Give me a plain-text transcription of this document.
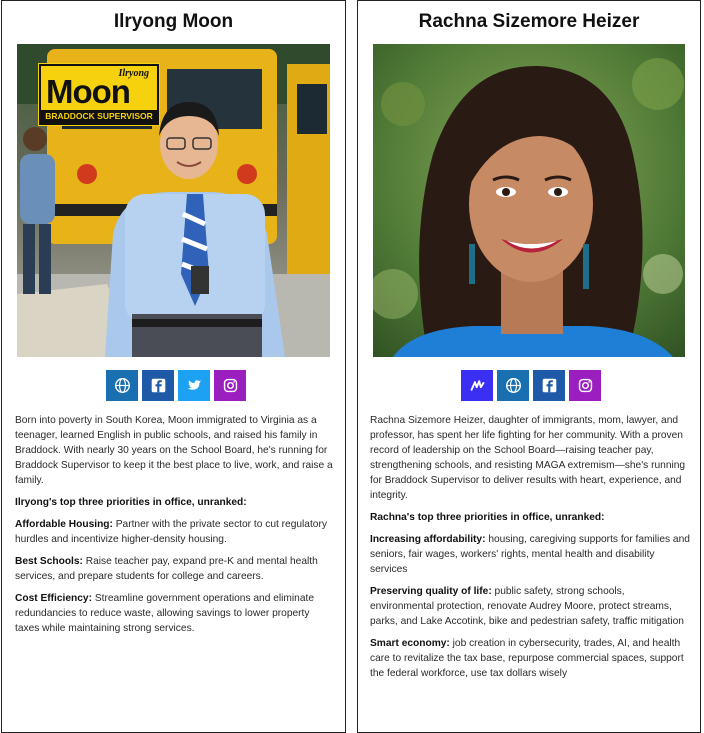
Ilryong Moon
Ilryong
Moon
BRADDOCK SUPERVISOR

Born into poverty in South Korea, Moon immigrated to Virginia as a teenager, learned English in public schools, and raised his family in Braddock. With nearly 30 years on the School Board, he's running for Braddock Supervisor to keep it the best place to live, work, and raise a family.

Ilryong's top three priorities in office, unranked:

Affordable Housing: Partner with the private sector to cut regulatory hurdles and incentivize higher-density housing.

Best Schools: Raise teacher pay, expand pre-K and mental health services, and prepare students for college and careers.

Cost Efficiency: Streamline government operations and eliminate redundancies to reduce waste, allowing savings to lower property taxes while maintaining strong services.

Rachna Sizemore Heizer

Rachna Sizemore Heizer, daughter of immigrants, mom, lawyer, and professor, has spent her life fighting for her community. With a proven record of leadership on the School Board—raising teacher pay, strengthening schools, and resisting MAGA extremism—she's running for Braddock Supervisor to deliver results with heart, experience, and integrity.

Rachna's top three priorities in office, unranked:

Increasing affordability: housing, caregiving supports for families and seniors, fair wages, workers' rights, mental health and disability services

Preserving quality of life: public safety, strong schools, environmental protection, renovate Audrey Moore, protect streams, parks, and Lake Accotink, bike and pedestrian safety, traffic mitigation

Smart economy: job creation in cybersecurity, trades, AI, and health care to revitalize the tax base, repurpose commercial spaces, support the federal workforce, use tax dollars wisely
